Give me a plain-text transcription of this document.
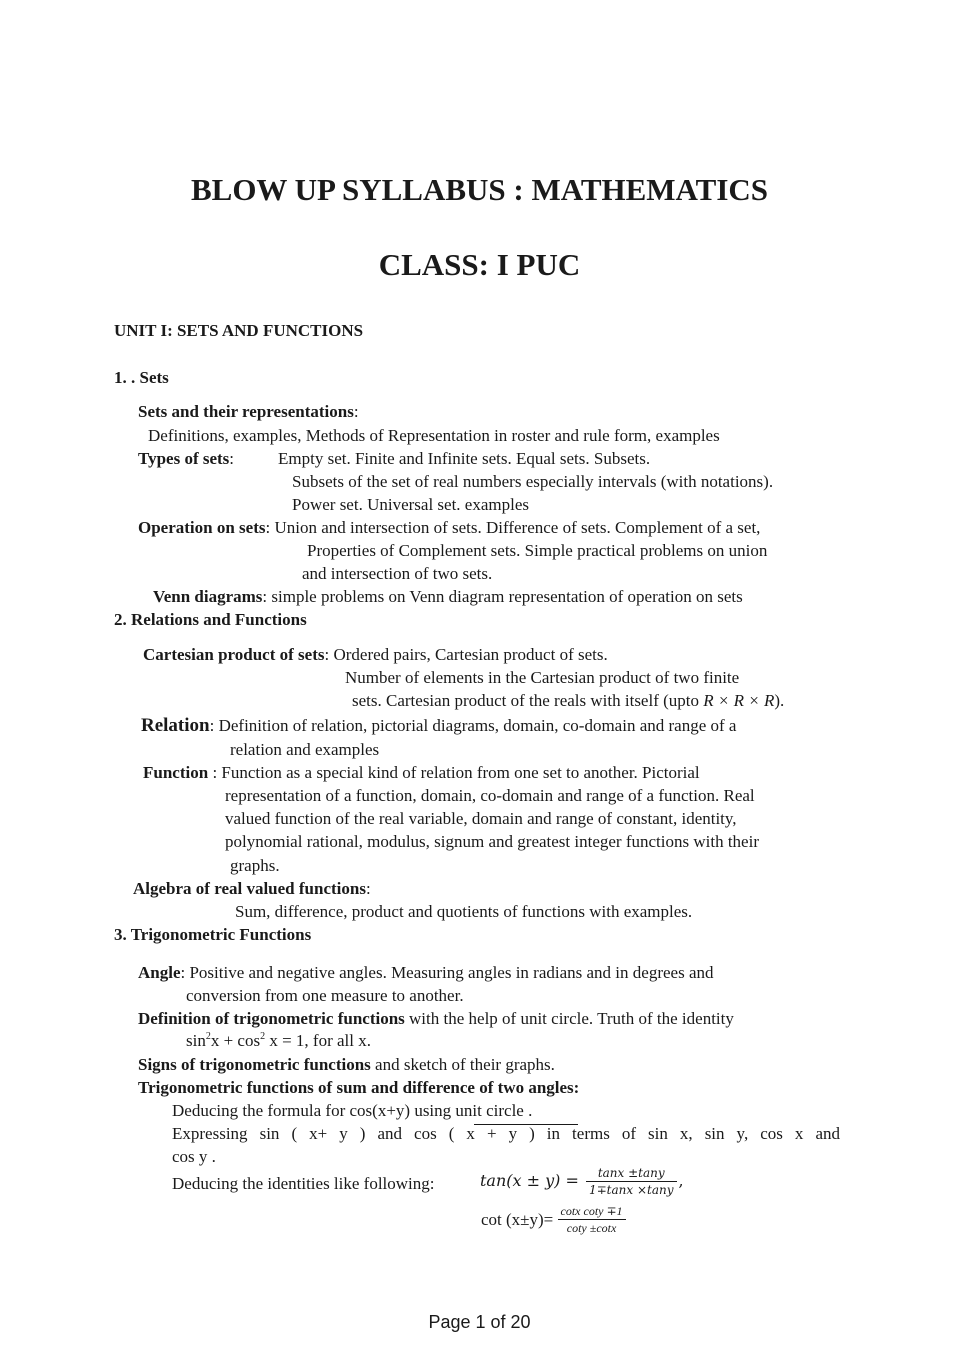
BLOW UP SYLLABUS : MATHEMATICS
CLASS: I PUC
UNIT I: SETS AND FUNCTIONS
1. . Sets
Sets and their representations:
Definitions, examples, Methods of Representation in roster and rule form, examples
Types of sets:	Empty set. Finite and Infinite sets. Equal sets. Subsets.
Subsets of the set of real numbers especially intervals (with notations).
Power set. Universal set. examples
Operation on sets: Union and intersection of sets. Difference of sets. Complement of a set,
Properties of Complement sets. Simple practical problems on union
and intersection of two sets.
Venn diagrams: simple problems on Venn diagram representation of operation on sets
2. Relations and Functions
Cartesian product of sets: Ordered pairs, Cartesian product of sets.
Number of elements in the Cartesian product of two finite
sets. Cartesian product of the reals with itself (upto R × R × R).
Relation: Definition of relation, pictorial diagrams, domain, co-domain and range of a
relation and examples
Function : Function as a special kind of relation from one set to another. Pictorial
representation of a function, domain, co-domain and range of a function. Real
valued function of the real variable, domain and range of constant, identity,
polynomial rational, modulus, signum and greatest integer functions with their
graphs.
Algebra of real valued functions:
Sum, difference, product and quotients of functions with examples.
3. Trigonometric Functions
Angle: Positive and negative angles. Measuring angles in radians and in degrees and
conversion from one measure to another.
Definition of trigonometric functions with the help of unit circle. Truth of the identity
$\sin^2x + \cos^2 x = 1$, for all x.
Signs of trigonometric functions and sketch of their graphs.
Trigonometric functions of sum and difference of two angles:
Deducing the formula for cos(x+y) using unit circle .
Expressing sin ( x+ y ) and cos ( x + y ) in terms of sin x, sin y, cos x and
cos y .
Deducing the identities like following:	$\tan(x \pm y) = \frac{\tan x \pm\tan y}{1\mp\tan x \times\tan y}$ ,
$\cot (x\pm y)= \frac{\text{cotx coty ∓1}}{\cot y \pm\cot x}$
Page 1 of 20
